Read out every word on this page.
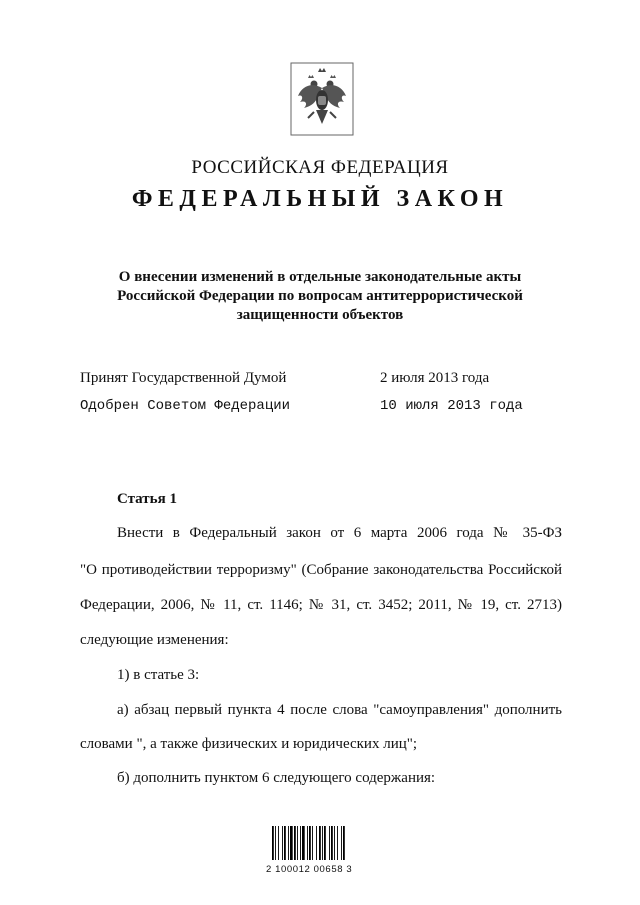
РОССИЙСКАЯ ФЕДЕРАЦИЯ
ФЕДЕРАЛЬНЫЙ ЗАКОН
О внесении изменений в отдельные законодательные акты
Российской Федерации по вопросам антитеррористической
защищенности объектов
Принят Государственной Думой	2 июля 2013 года
Одобрен Советом Федерации	10 июля 2013 года
Статья 1
Внести в Федеральный закон от 6 марта 2006 года № 35-ФЗ
"О противодействии терроризму" (Собрание законодательства Российской
Федерации, 2006, № 11, ст. 1146; № 31, ст. 3452; 2011, № 19, ст. 2713)
следующие изменения:
1) в статье 3:
а) абзац первый пункта 4 после слова "самоуправления" дополнить
словами ", а также физических и юридических лиц";
б) дополнить пунктом 6 следующего содержания:
2 100012 00658 3
